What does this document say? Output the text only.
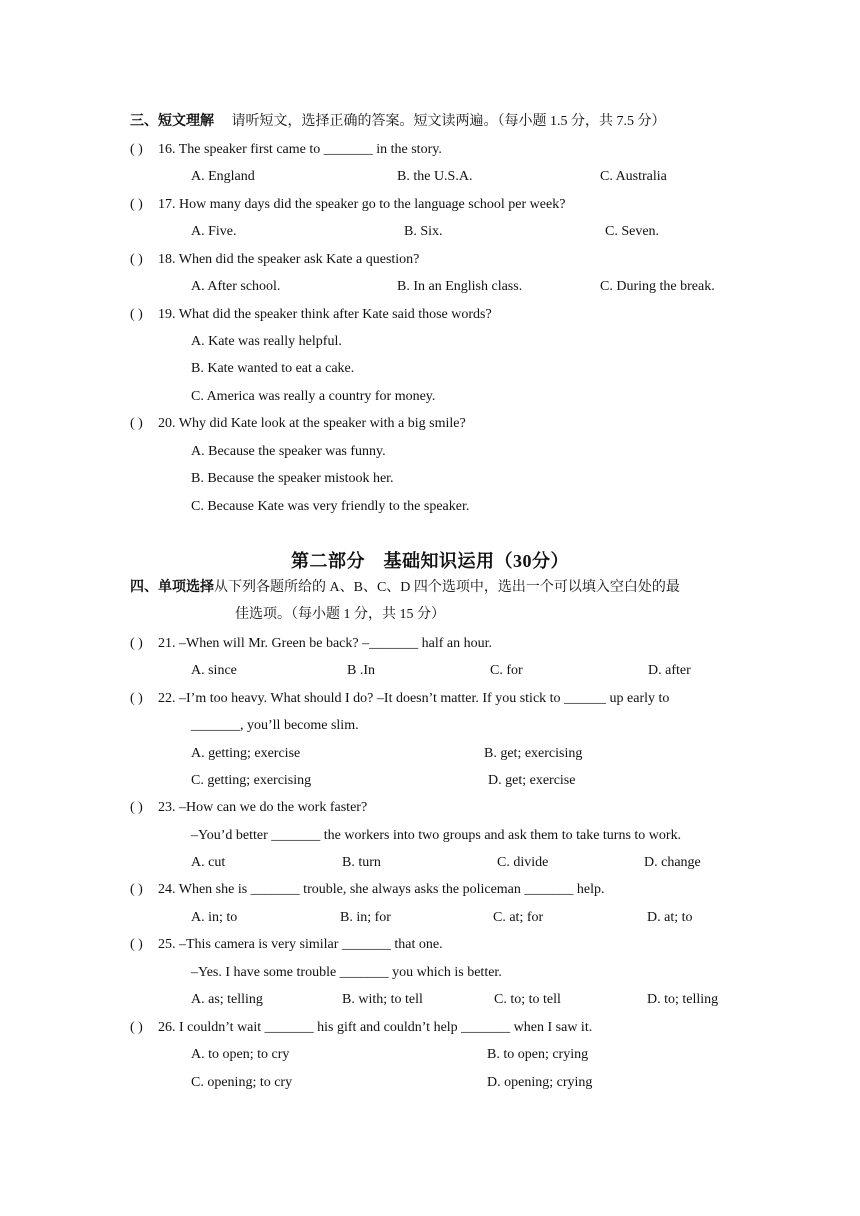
三、短文理解 请听短文，选择正确的答案。短文读两遍。（每小题 1.5 分，共 7.5 分）
( ) 16. The speaker first came to _______ in the story.
A. England	B. the U.S.A.	C. Australia
( ) 17. How many days did the speaker go to the language school per week?
A. Five.	B. Six.	C. Seven.
( ) 18. When did the speaker ask Kate a question?
A. After school.	B. In an English class.	C. During the break.
( ) 19. What did the speaker think after Kate said those words?
A. Kate was really helpful.
B. Kate wanted to eat a cake.
C. America was really a country for money.
( ) 20. Why did Kate look at the speaker with a big smile?
A. Because the speaker was funny.
B. Because the speaker mistook her.
C. Because Kate was very friendly to the speaker.
第二部分　基础知识运用（30分）
四、单项选择从下列各题所给的 A、B、C、D 四个选项中，选出一个可以填入空白处的最
佳选项。（每小题 1 分，共 15 分）
( ) 21. –When will Mr. Green be back? –_______ half an hour.
A. since	B .In	C. for	D. after
( ) 22. –I’m too heavy. What should I do? –It doesn’t matter. If you stick to ______ up early to
_______, you’ll become slim.
A. getting; exercise	B. get; exercising
C. getting; exercising	D. get; exercise
( ) 23. –How can we do the work faster?
–You’d better _______ the workers into two groups and ask them to take turns to work.
A. cut	B. turn	C. divide	D. change
( ) 24. When she is _______ trouble, she always asks the policeman _______ help.
A. in; to	B. in; for	C. at; for	D. at; to
( ) 25. –This camera is very similar _______ that one.
–Yes. I have some trouble _______ you which is better.
A. as; telling	B. with; to tell	C. to; to tell	D. to; telling
( ) 26. I couldn’t wait _______ his gift and couldn’t help _______ when I saw it.
A. to open; to cry	B. to open; crying
C. opening; to cry	D. opening; crying
